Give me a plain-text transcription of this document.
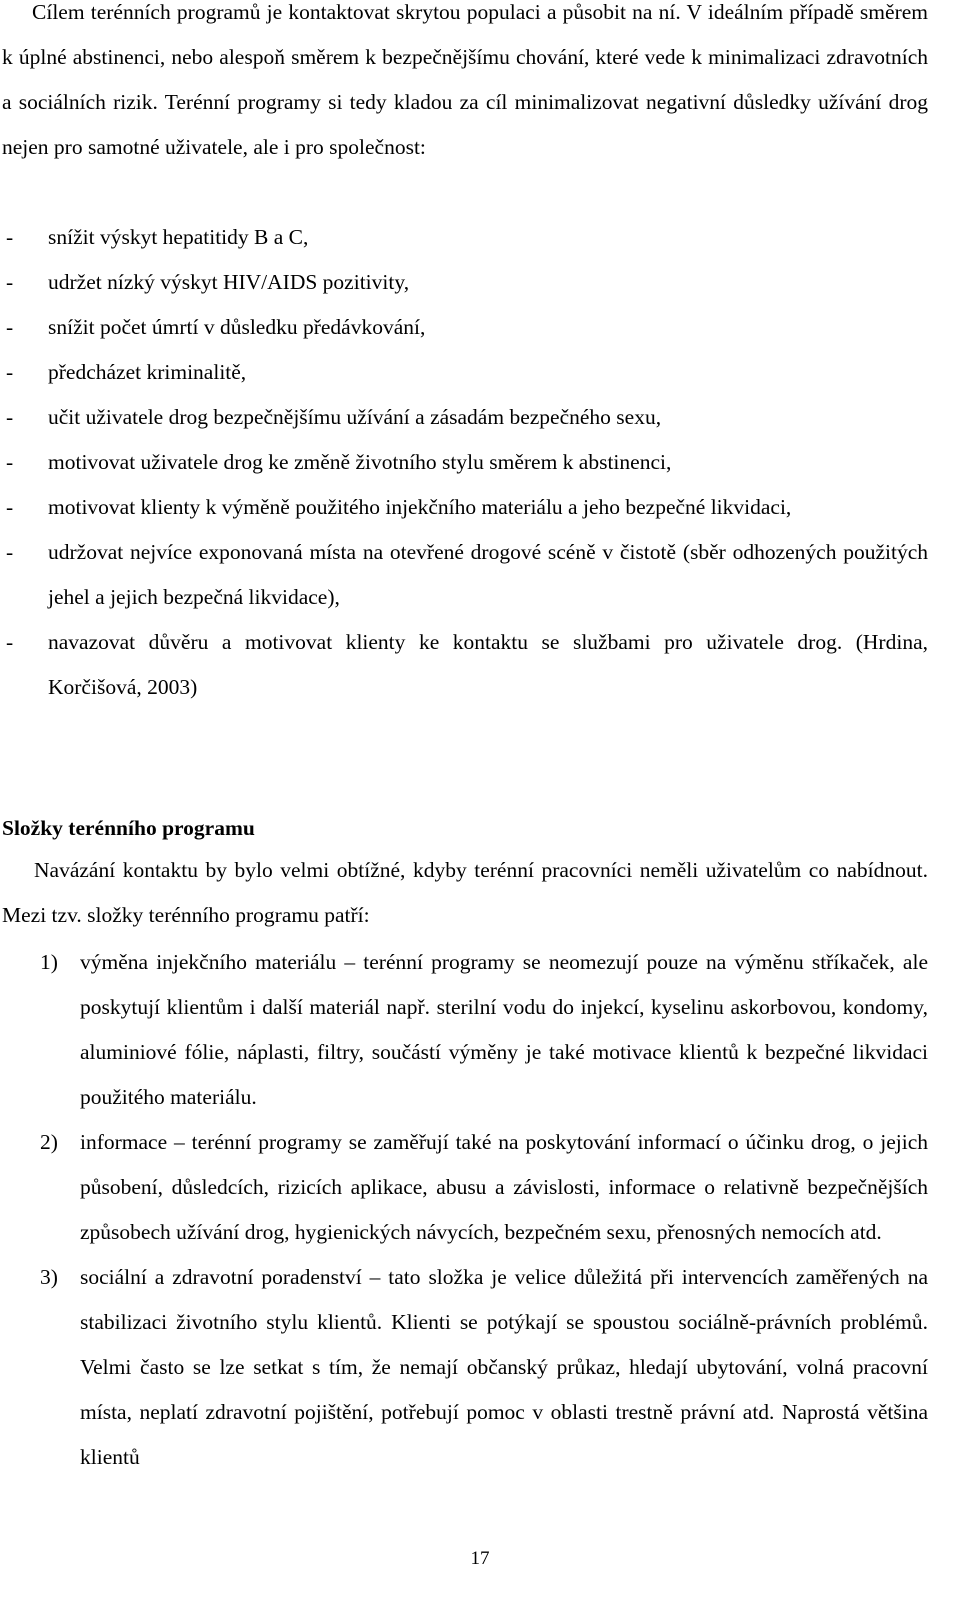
Cílem terénních programů je kontaktovat skrytou populaci a působit na ní. V ideálním případě směrem k úplné abstinenci, nebo alespoň směrem k bezpečnějšímu chování, které vede k minimalizaci zdravotních a sociálních rizik. Terénní programy si tedy kladou za cíl minimalizovat negativní důsledky užívání drog nejen pro samotné uživatele, ale i pro společnost:

- snížit výskyt hepatitidy B a C,
- udržet nízký výskyt HIV/AIDS pozitivity,
- snížit počet úmrtí v důsledku předávkování,
- předcházet kriminalitě,
- učit uživatele drog bezpečnějšímu užívání a zásadám bezpečného sexu,
- motivovat uživatele drog ke změně životního stylu směrem k abstinenci,
- motivovat klienty k výměně použitého injekčního materiálu a jeho bezpečné likvidaci,
- udržovat nejvíce exponovaná místa na otevřené drogové scéně v čistotě (sběr odhozených použitých jehel a jejich bezpečná likvidace),
- navazovat důvěru a motivovat klienty ke kontaktu se službami pro uživatele drog. (Hrdina, Korčišová, 2003)
Složky terénního programu

Navázání kontaktu by bylo velmi obtížné, kdyby terénní pracovníci neměli uživatelům co nabídnout. Mezi tzv. složky terénního programu patří:

1) výměna injekčního materiálu – terénní programy se neomezují pouze na výměnu stříkaček, ale poskytují klientům i další materiál např. sterilní vodu do injekcí, kyselinu askorbovou, kondomy, aluminiové fólie, náplasti, filtry, součástí výměny je také motivace klientů k bezpečné likvidaci použitého materiálu.
2) informace – terénní programy se zaměřují také na poskytování informací o účinku drog, o jejich působení, důsledcích, rizicích aplikace, abusu a závislosti, informace o relativně bezpečnějších způsobech užívání drog, hygienických návycích, bezpečném sexu, přenosných nemocích atd.
3) sociální a zdravotní poradenství – tato složka je velice důležitá při intervencích zaměřených na stabilizaci životního stylu klientů. Klienti se potýkají se spoustou sociálně-právních problémů. Velmi často se lze setkat s tím, že nemají občanský průkaz, hledají ubytování, volná pracovní místa, neplatí zdravotní pojištění, potřebují pomoc v oblasti trestně právní atd. Naprostá většina klientů
17
